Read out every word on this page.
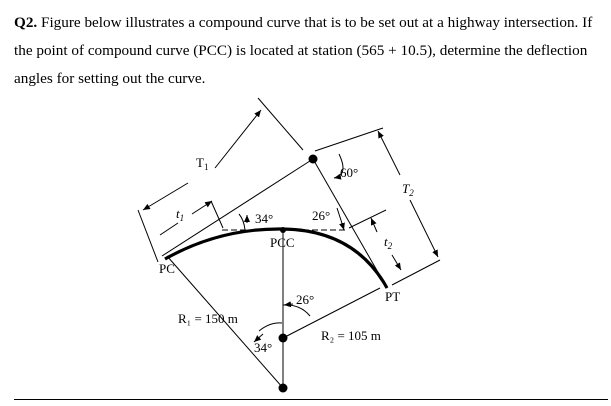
Q2. Figure below illustrates a compound curve that is to be set out at a highway intersection. If the point of compound curve (PCC) is located at station (565 + 10.5), determine the deflection angles for setting out the curve.

$T_1$
$t_1$
$T_2$
$t_2$
PC
PCC
PT
34°	26°
60°
26°
34°
R₁ = 150 m
R₂ = 105 m
